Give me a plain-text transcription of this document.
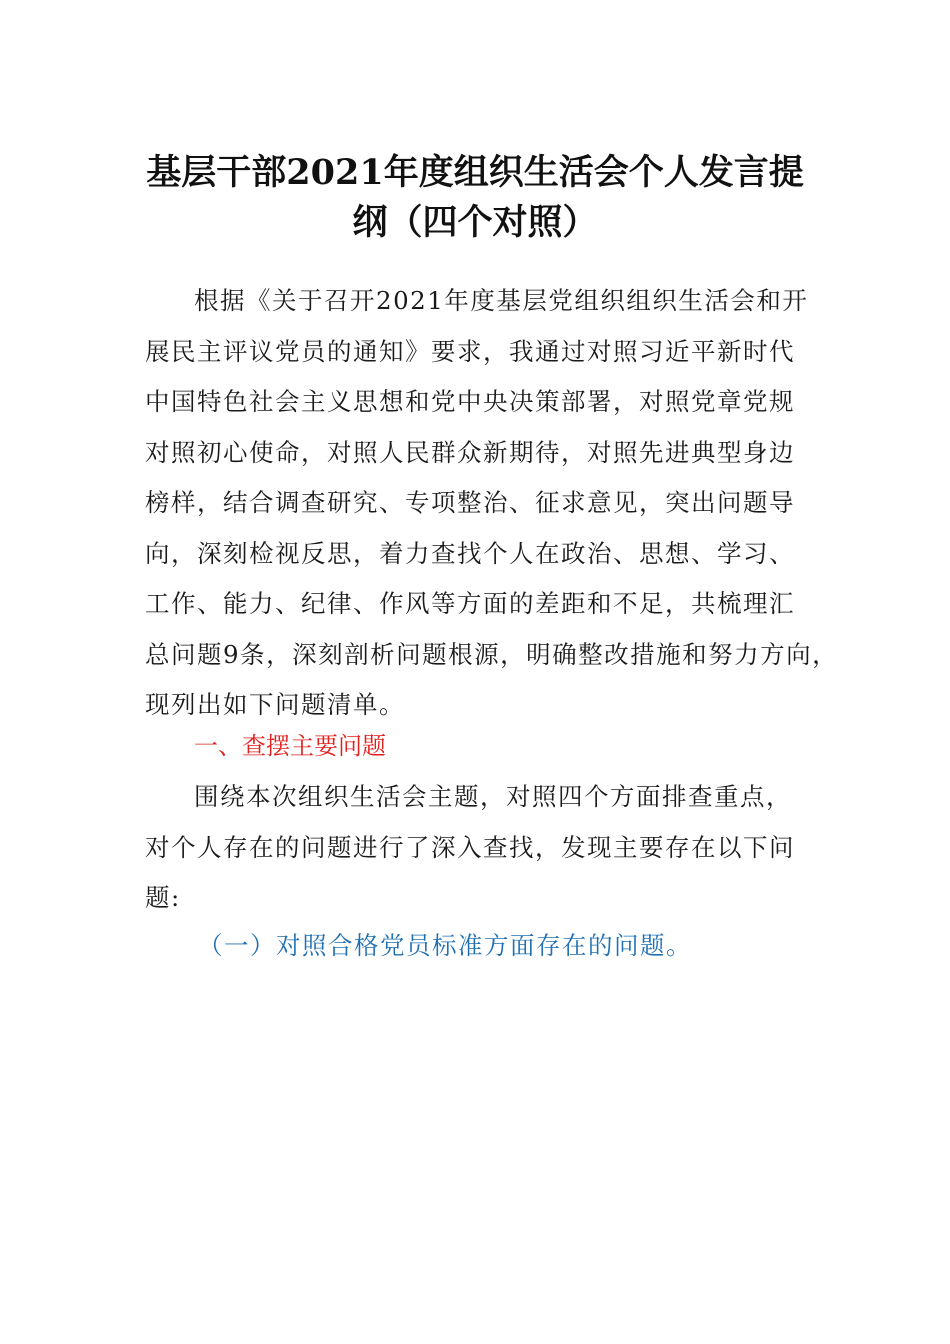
基层干部2021年度组织生活会个人发言提
纲（四个对照）
根据《关于召开2021年度基层党组织组织生活会和开
展民主评议党员的通知》要求，我通过对照习近平新时代
中国特色社会主义思想和党中央决策部署，对照党章党规
对照初心使命，对照人民群众新期待，对照先进典型身边
榜样，结合调查研究、专项整治、征求意见，突出问题导
向，深刻检视反思，着力查找个人在政治、思想、学习、
工作、能力、纪律、作风等方面的差距和不足，共梳理汇
总问题9条，深刻剖析问题根源，明确整改措施和努力方向，
现列出如下问题清单。
一、查摆主要问题
围绕本次组织生活会主题，对照四个方面排查重点，
对个人存在的问题进行了深入查找，发现主要存在以下问
题:
（一）对照合格党员标准方面存在的问题。
